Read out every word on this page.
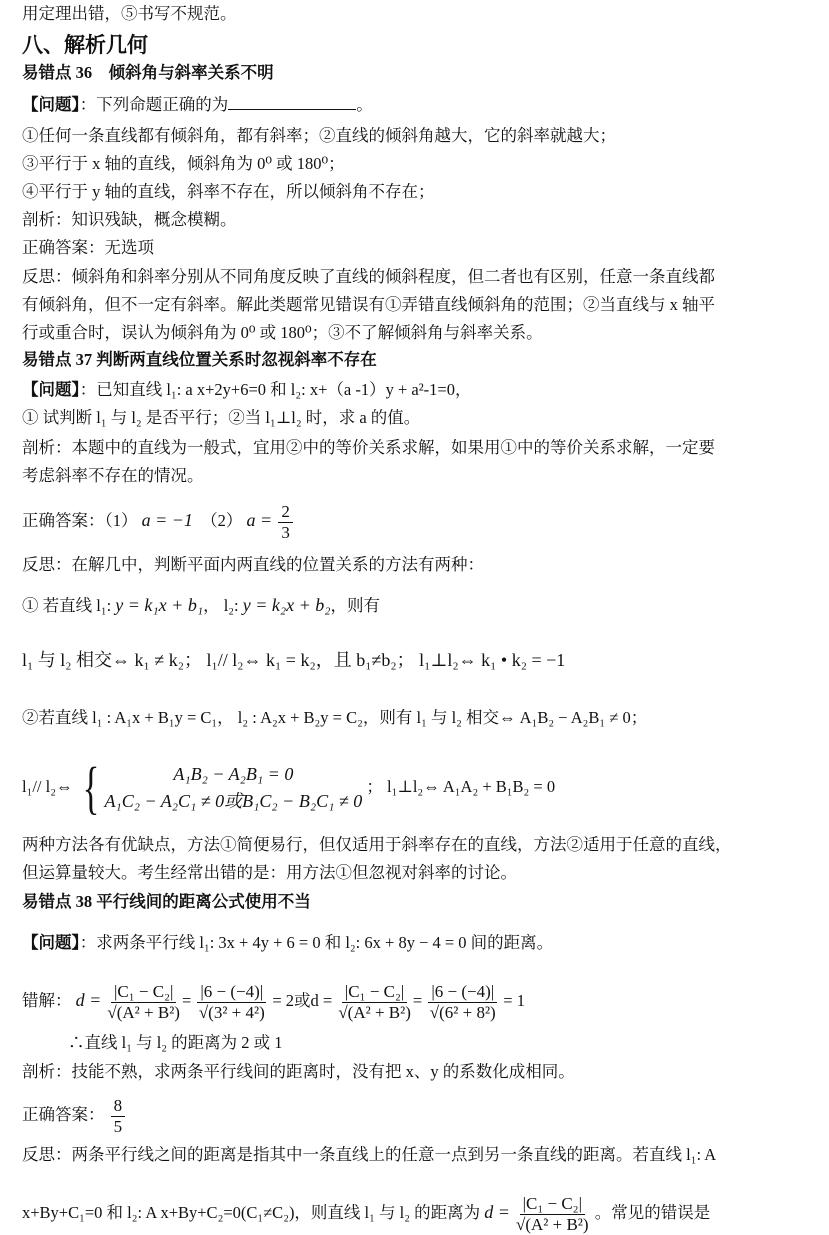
用定理出错，⑤书写不规范。
八、解析几何
易错点 36　倾斜角与斜率关系不明
【问题】：下列命题正确的为	。
①任何一条直线都有倾斜角，都有斜率；②直线的倾斜角越大，它的斜率就越大；
③平行于 x 轴的直线，倾斜角为 0⁰ 或 180⁰；
④平行于 y 轴的直线，斜率不存在，所以倾斜角不存在；
剖析：知识残缺，概念模糊。
正确答案：无选项
反思：倾斜角和斜率分别从不同角度反映了直线的倾斜程度，但二者也有区别，任意一条直线都
有倾斜角，但不一定有斜率。解此类题常见错误有①弄错直线倾斜角的范围；②当直线与 x 轴平
行或重合时，误认为倾斜角为 0⁰ 或 180⁰；③不了解倾斜角与斜率关系。
易错点 37 判断两直线位置关系时忽视斜率不存在
【问题】：已知直线 l₁: a x+2y+6=0 和 l₂: x+（a -1）y + a²-1=0，
① 试判断 l₁ 与 l₂ 是否平行；②当 l₁⊥l₂ 时，求 a 的值。
剖析：本题中的直线为一般式，宜用②中的等价关系求解，如果用①中的等价关系求解，一定要
考虑斜率不存在的情况。
正确答案：（1） a = −1 （2） $a = \frac{2}{3}$
反思：在解几中，判断平面内两直线的位置关系的方法有两种：
① 若直线 l₁: y = k₁x + b₁， l₂: y = k₂x + b₂，则有
l₁ 与 l₂ 相交⇔ k₁ ≠ k₂； l₁// l₂⇔ k₁ = k₂，且 b₁≠b₂； l₁⊥l₂⇔ k₁ • k₂ = −1
②若直线 l₁ : A₁x + B₁y = C₁， l₂ : A₂x + B₂y = C₂，则有 l₁ 与 l₂ 相交⇔ A₁B₂ − A₂B₁ ≠ 0；
l₁// l₂⇔ {	A₁B₂ − A₂B₁ = 0
A₁C₂ − A₂C₁ ≠ 0或B₁C₂ − B₂C₁ ≠ 0
； l₁⊥l₂⇔ A₁A₂ + B₁B₂ = 0
两种方法各有优缺点，方法①简便易行，但仅适用于斜率存在的直线，方法②适用于任意的直线，
但运算量较大。考生经常出错的是：用方法①但忽视对斜率的讨论。
易错点 38 平行线间的距离公式使用不当
【问题】：求两条平行线 l₁: 3x + 4y + 6 = 0 和 l₂: 6x + 8y − 4 = 0 间的距离。
错解： $d = \frac{\text{|C₁ − C₂|}}{\text{√(A² + B²)}} = \frac{|6 - (-4)|}{\text{√(3² + 4²)}} = 2$或$d = \frac{\text{|C₁ − C₂|}}{\text{√(A² + B²)}} = \frac{|6 - (-4)|}{\text{√(6² + 8²)}} = 1$
∴直线 l₁ 与 l₂ 的距离为 2 或 1
剖析：技能不熟，求两条平行线间的距离时，没有把 x、y 的系数化成相同。
正确答案： $\frac{8}{5}$
反思：两条平行线之间的距离是指其中一条直线上的任意一点到另一条直线的距离。若直线 l₁: A
x+By+C₁=0 和 l₂: A x+By+C₂=0(C₁≠C₂)，则直线 l₁ 与 l₂ 的距离为 $d = \frac{\text{|C₁ − C₂|}}{\text{√(A² + B²)}}$ 。常见的错误是
